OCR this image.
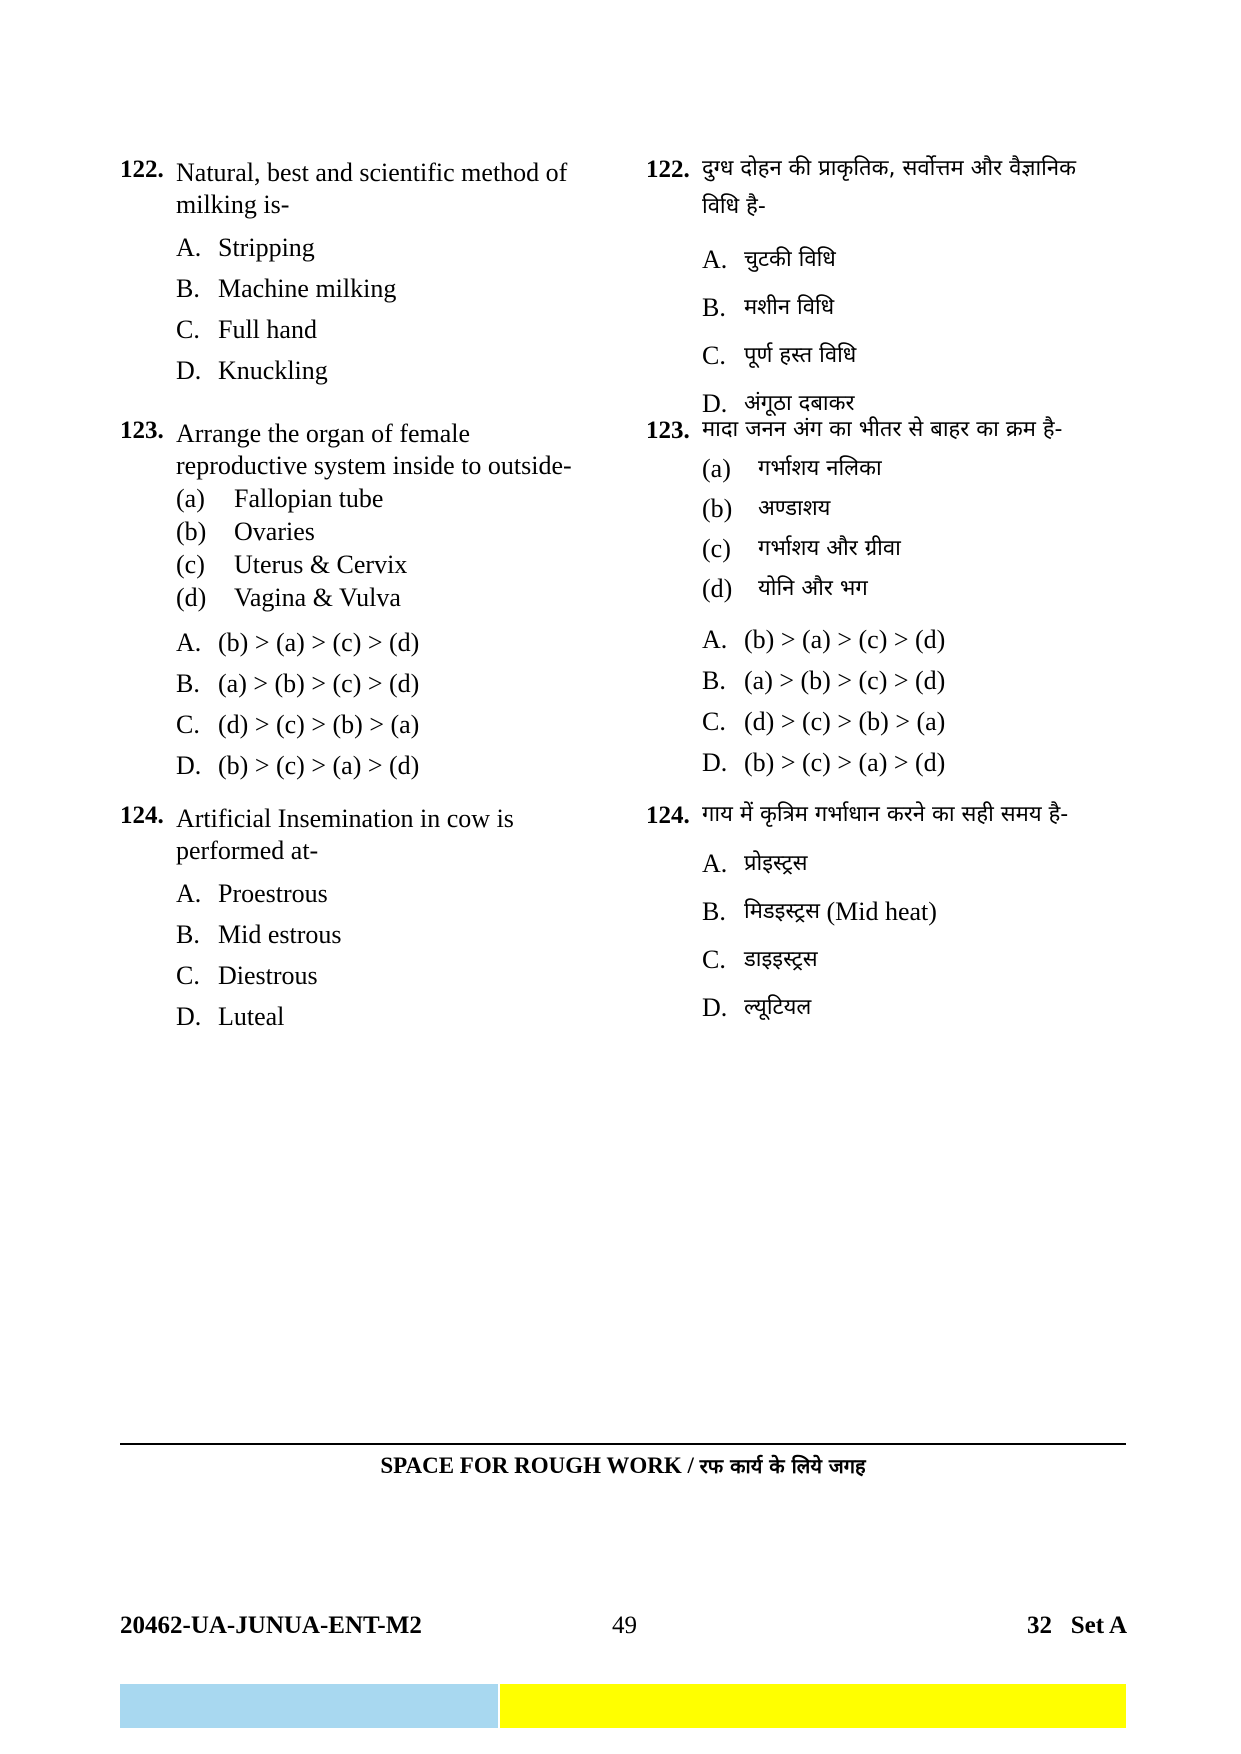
122. Natural, best and scientific method of
milking is-
A. Stripping
B. Machine milking
C. Full hand
D. Knuckling
123. Arrange the organ of female
reproductive system inside to outside-
(a)	Fallopian tube
(b)	Ovaries
(c)	Uterus & Cervix
(d)	Vagina & Vulva
A. (b) > (a) > (c) > (d)
B. (a) > (b) > (c) > (d)
C. (d) > (c) > (b) > (a)
D. (b) > (c) > (a) > (d)
124. Artificial Insemination in cow is
performed at-
A. Proestrous
B. Mid estrous
C. Diestrous
D. Luteal
122. दुग्ध दोहन की प्राकृतिक, सर्वोत्तम और वैज्ञानिक
विधि है-
A. चुटकी विधि
B. मशीन विधि
C. पूर्ण हस्त विधि
D. अंगूठा दबाकर
123. मादा जनन अंग का भीतर से बाहर का क्रम है-
(a)	गर्भाशय नलिका
(b)	अण्डाशय
(c)	गर्भाशय और ग्रीवा
(d)	योनि और भग
A. (b) > (a) > (c) > (d)
B. (a) > (b) > (c) > (d)
C. (d) > (c) > (b) > (a)
D. (b) > (c) > (a) > (d)
124. गाय में कृत्रिम गर्भाधान करने का सही समय है-
A. प्रोइस्ट्रस
B. मिडइस्ट्रस
(Mid heat)
C. डाइइस्ट्रस
D. ल्यूटियल
SPACE FOR ROUGH WORK / रफ कार्य के लिये जगह
20462-UA-JUNUA-ENT-M2	49	32   Set A
